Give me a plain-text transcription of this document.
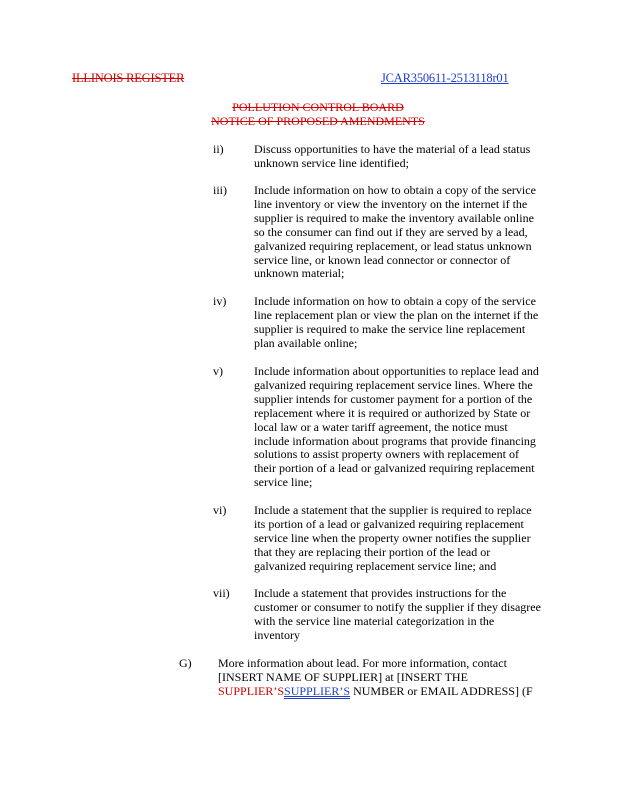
ILLINOIS REGISTER	JCAR350611-2513118r01
POLLUTION CONTROL BOARD
NOTICE OF PROPOSED AMENDMENTS
ii)	Discuss opportunities to have the material of a lead status
unknown service line identified;
iii)	Include information on how to obtain a copy of the service
line inventory or view the inventory on the internet if the
supplier is required to make the inventory available online
so the consumer can find out if they are served by a lead,
galvanized requiring replacement, or lead status unknown
service line, or known lead connector or connector of
unknown material;
iv)	Include information on how to obtain a copy of the service
line replacement plan or view the plan on the internet if the
supplier is required to make the service line replacement
plan available online;
v)	Include information about opportunities to replace lead and
galvanized requiring replacement service lines. Where the
supplier intends for customer payment for a portion of the
replacement where it is required or authorized by State or
local law or a water tariff agreement, the notice must
include information about programs that provide financing
solutions to assist property owners with replacement of
their portion of a lead or galvanized requiring replacement
service line;
vi)	Include a statement that the supplier is required to replace
its portion of a lead or galvanized requiring replacement
service line when the property owner notifies the supplier
that they are replacing their portion of the lead or
galvanized requiring replacement service line; and
vii)	Include a statement that provides instructions for the
customer or consumer to notify the supplier if they disagree
with the service line material categorization in the
inventory
G) More information about lead. For more information, contact
[INSERT NAME OF SUPPLIER] at [INSERT THE
SUPPLIER’SSUPPLIER’S NUMBER or EMAIL ADDRESS] (F
